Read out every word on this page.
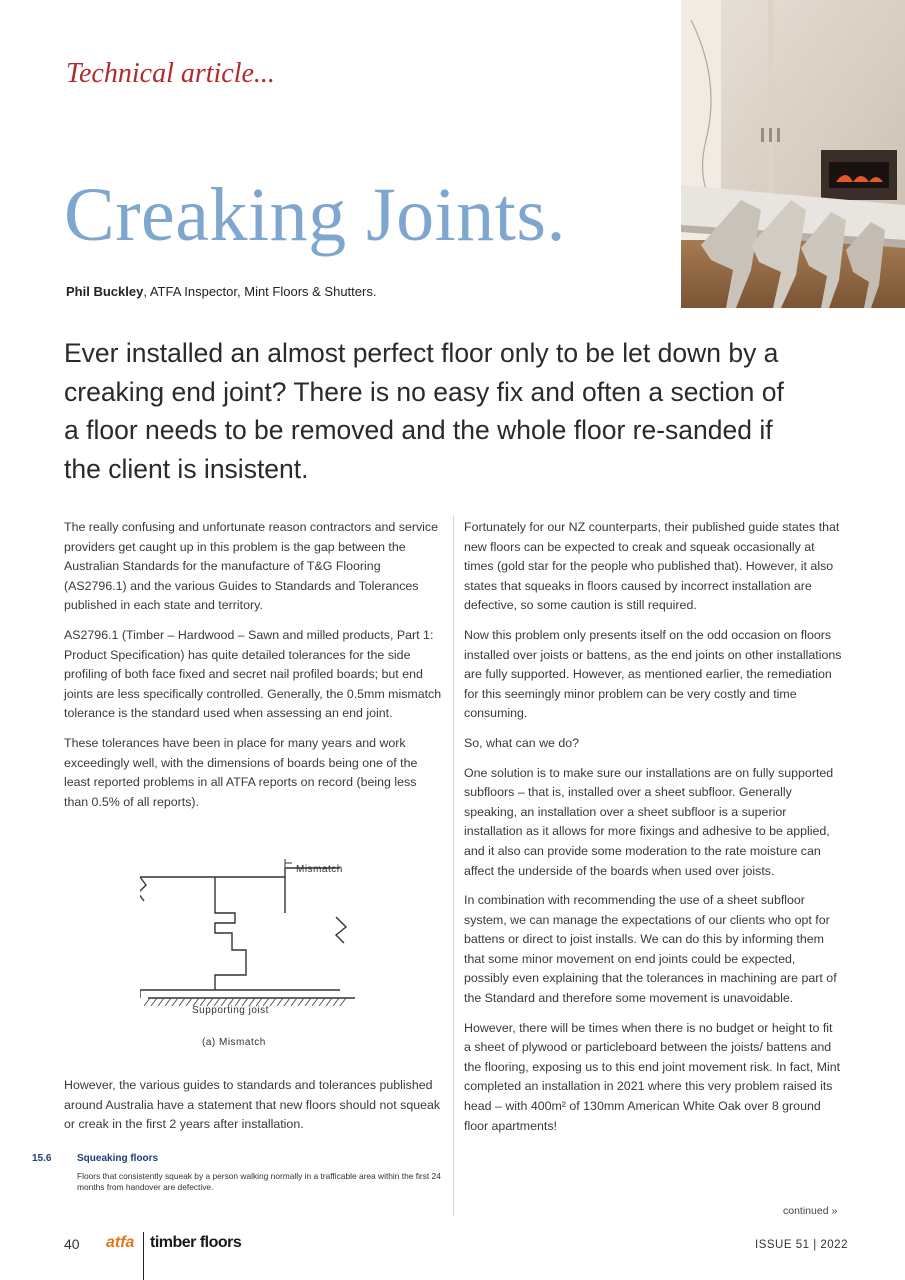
Technical article...
Creaking Joints.
Phil Buckley, ATFA Inspector, Mint Floors & Shutters.
Ever installed an almost perfect floor only to be let down by a creaking end joint? There is no easy fix and often a section of a floor needs to be removed and the whole floor re-sanded if the client is insistent.

The really confusing and unfortunate reason contractors and service providers get caught up in this problem is the gap between the Australian Standards for the manufacture of T&G Flooring (AS2796.1) and the various Guides to Standards and Tolerances published in each state and territory.

AS2796.1 (Timber – Hardwood – Sawn and milled products, Part 1: Product Specification) has quite detailed tolerances for the side profiling of both face fixed and secret nail profiled boards; but end joints are less specifically controlled. Generally, the 0.5mm mismatch tolerance is the standard used when assessing an end joint.

These tolerances have been in place for many years and work exceedingly well, with the dimensions of boards being one of the least reported problems in all ATFA reports on record (being less than 0.5% of all reports).

Mismatch
Supporting joist
(a) Mismatch
However, the various guides to standards and tolerances published around Australia have a statement that new floors should not squeak or creak in the first 2 years after installation.
15.6	Squeaking floors
Floors that consistently squeak by a person walking normally in a trafficable area within the first 24 months from handover are defective.

Fortunately for our NZ counterparts, their published guide states that new floors can be expected to creak and squeak occasionally at times (gold star for the people who published that). However, it also states that squeaks in floors caused by incorrect installation are defective, so some caution is still required.

Now this problem only presents itself on the odd occasion on floors installed over joists or battens, as the end joints on other installations are fully supported. However, as mentioned earlier, the remediation for this seemingly minor problem can be very costly and time consuming.

So, what can we do?

One solution is to make sure our installations are on fully supported subfloors – that is, installed over a sheet subfloor. Generally speaking, an installation over a sheet subfloor is a superior installation as it allows for more fixings and adhesive to be applied, and it also can provide some moderation to the rate moisture can affect the underside of the boards when used over joists.

In combination with recommending the use of a sheet subfloor system, we can manage the expectations of our clients who opt for battens or direct to joist installs. We can do this by informing them that some minor movement on end joints could be expected, possibly even explaining that the tolerances in machining are part of the Standard and therefore some movement is unavoidable.

However, there will be times when there is no budget or height to fit a sheet of plywood or particleboard between the joists/ battens and the flooring, exposing us to this end joint movement risk. In fact, Mint completed an installation in 2021 where this very problem raised its head – with 400m² of 130mm American White Oak over 8 ground floor apartments!

continued »
40 atfa timber floors	ISSUE 51 | 2022
